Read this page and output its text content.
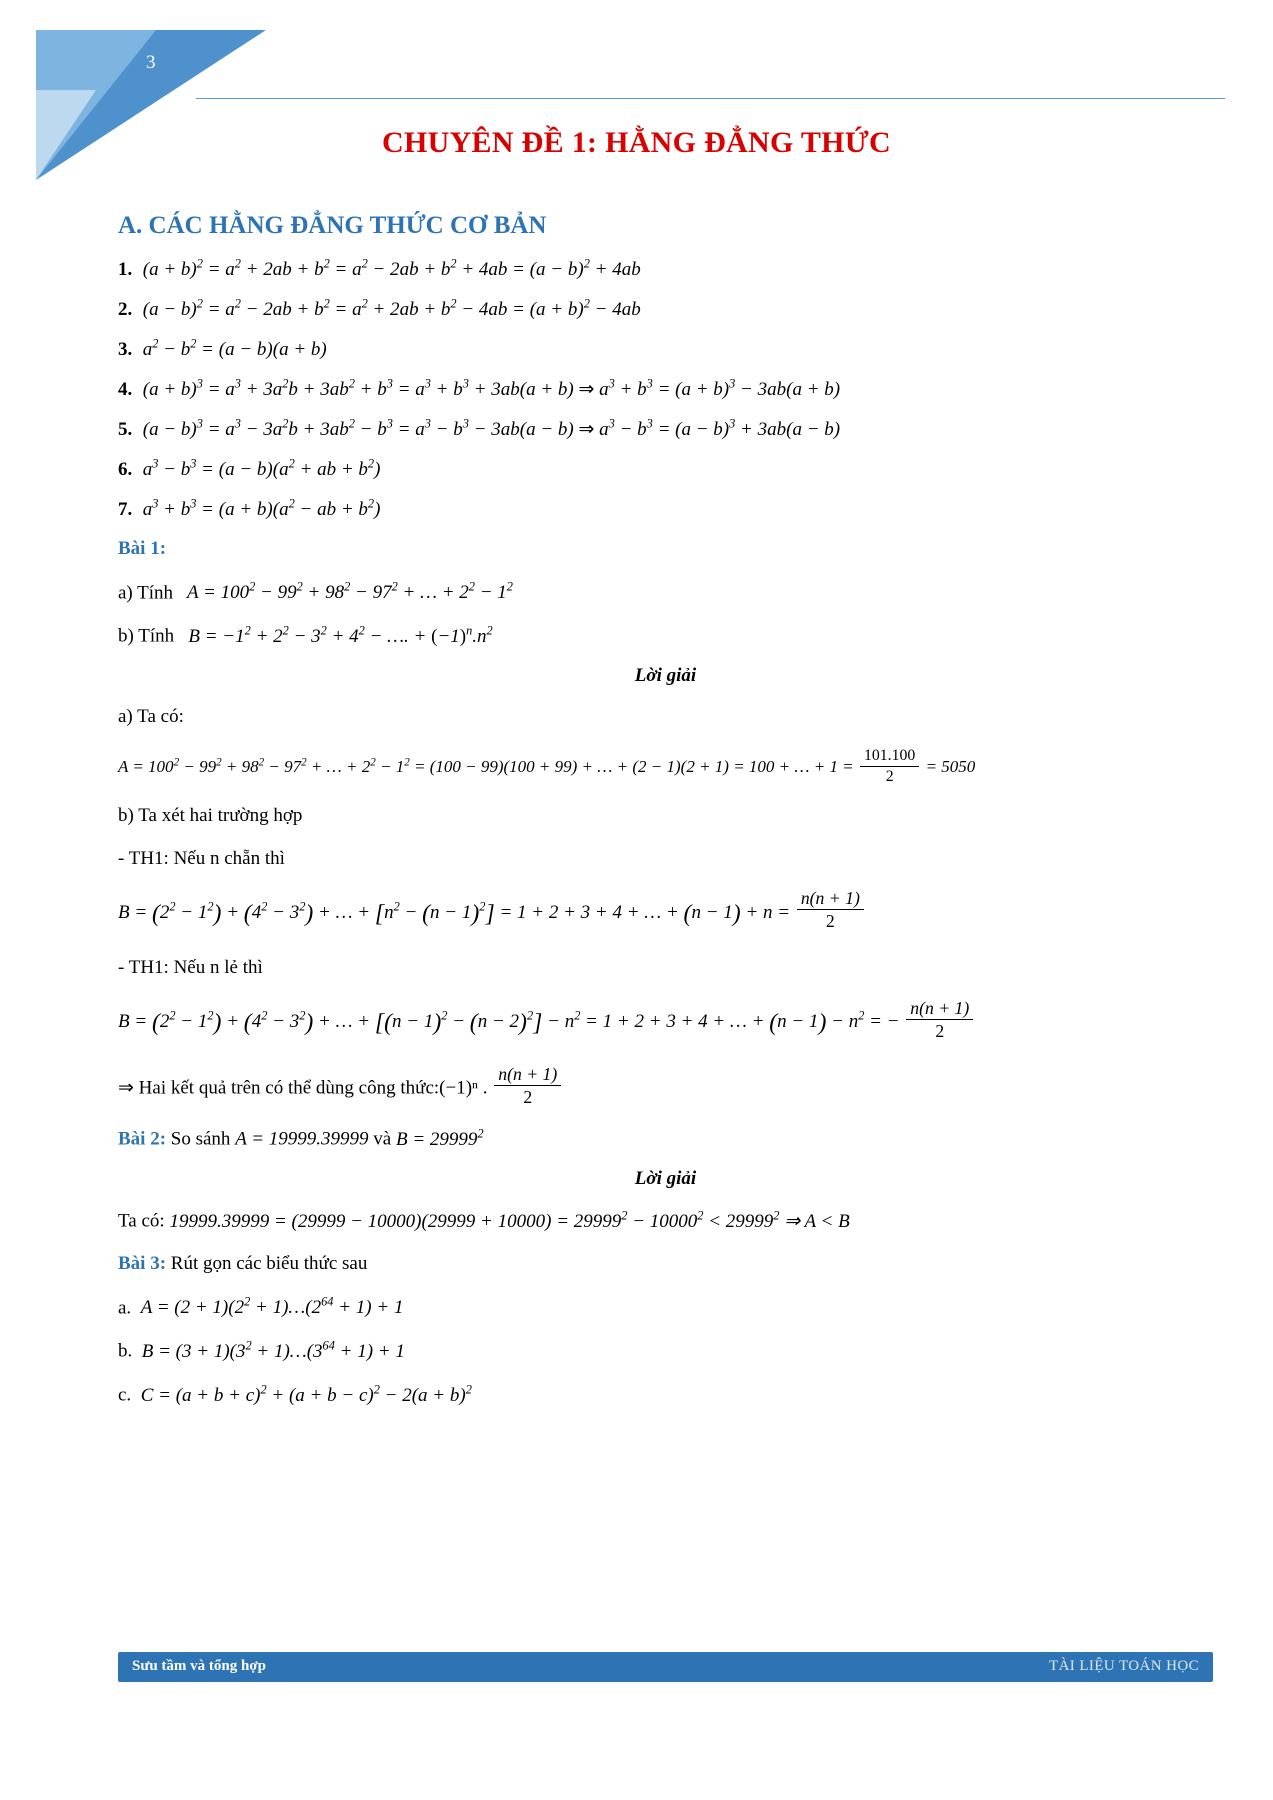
3
CHUYÊN ĐỀ 1: HẰNG ĐẲNG THỨC
A. CÁC HẰNG ĐẲNG THỨC CƠ BẢN
1. $(a + b)^2 = a^2 + 2ab + b^2 = a^2 - 2ab + b^2 + 4ab = (a - b)^2 + 4ab$
2. $(a - b)^2 = a^2 - 2ab + b^2 = a^2 + 2ab + b^2 - 4ab = (a + b)^2 - 4ab$
3. $a^2 - b^2 = (a - b)(a + b)$
4. $(a + b)^3 = a^3 + 3a^2b + 3ab^2 + b^3 = a^3 + b^3 + 3ab(a + b)$ ⇒ $a^3 + b^3 = (a + b)^3 - 3ab(a + b)$
5. $(a - b)^3 = a^3 - 3a^2b + 3ab^2 - b^3 = a^3 - b^3 - 3ab(a - b)$ ⇒ $a^3 - b^3 = (a - b)^3 + 3ab(a - b)$
6. $a^3 - b^3 = (a - b)(a^2$ + ab + $b^2$)
7. $a^3 + b^3 = (a + b)(a^2$ − ab + $b^2$)
Bài 1:
a) Tính $A = 100^2 - 99^2 + 98^2 - 97^2$ + … + $2^2 - 1^2$
b) Tính $B = -1^2 + 2^2 - 3^2 + 4^2$ − …. + $(-1)^n.n^2$
Lời giải
a) Ta có:
$A = 100^2 - 99^2 + 98^2 - 97^2$ + … + $2^2 - 1^2 = (100 - 99)(100 + 99)$ + … + (2 − 1)(2 + 1) = 100 + … + $1 = \frac{101.100}{2} = 5050$
b) Ta xét hai trường hợp
- TH1: Nếu n chẵn thì
$B = (2^2 - 1^2) + (4^2 - 3^2)$ + … + $[n^2 - (n - 1)^2] = 1 + 2 + 3 + 4$ + … + $(n - 1) + n = \frac{n(n + 1)}{2}$
- TH1: Nếu n lẻ thì
$B = (2^2 - 1^2) + (4^2 - 3^2)$ + … + $[(n - 1)^2 - (n - 2)^2] - n^2 = 1 + 2 + 3 + 4$ + … + $(n - 1) - n^2$ = − $\frac{n(n + 1)}{2}$
⇒ Hai kết quả trên có thể dùng công thức:(−1)ⁿ . $\frac{n(n + 1)}{2}$
Bài 2: So sánh A = 19999.39999 và $B = 29999^2$
Lời giải
Ta có: $19999.39999 = (29999 - 10000)(29999 + 10000) = 29999^2 - 10000^2 < 29999^2$ ⇒ A < B
Bài 3: Rút gọn các biểu thức sau
a.  $A = (2 + 1)(2^2$ + $1)\dots(2^{64} + 1) + 1$
b.  $B = (3 + 1)(3^2$ + $1)\dots(3^{64} + 1) + 1$
c.  $C = (a + b + c)^2 + (a + b - c)^2 - 2(a + b)^2$
Sưu tầm và tổng hợp	TÀI LIỆU TOÁN HỌC
